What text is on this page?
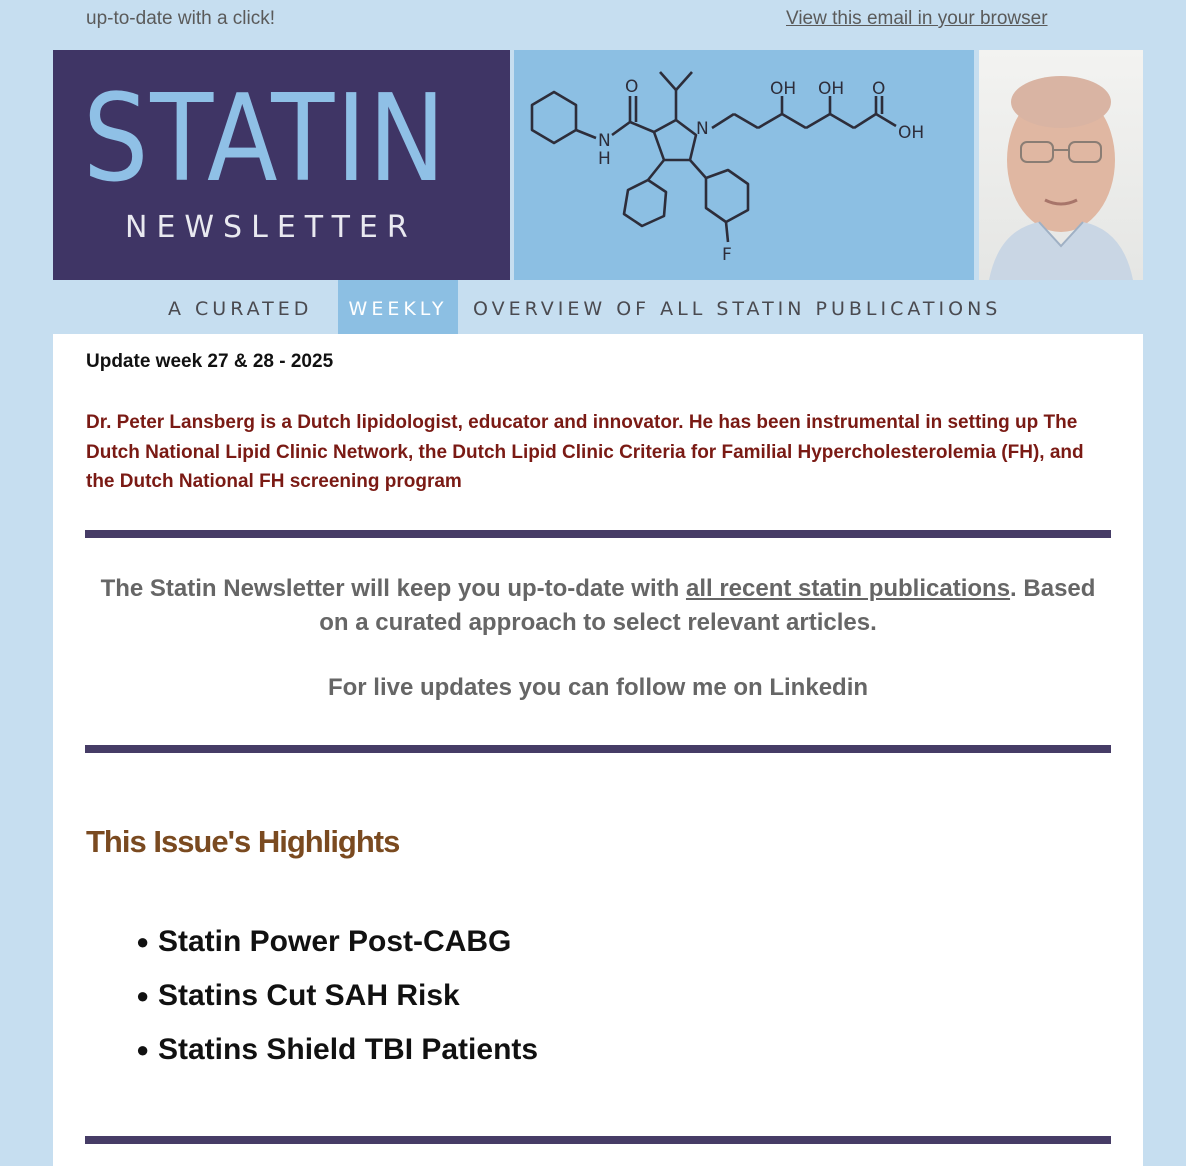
up-to-date with a click!	View this email in your browser
STATIN
NEWSLETTER
N
H
O
N
F
OH OH O
OH
A CURATED	WEEKLY	OVERVIEW OF ALL STATIN PUBLICATIONS
Update week 27 & 28 - 2025
Dr. Peter Lansberg is a Dutch lipidologist, educator and innovator. He has been instrumental in setting up The Dutch National Lipid Clinic Network, the Dutch Lipid Clinic Criteria for Familial Hypercholesterolemia (FH), and the Dutch National FH screening program
The Statin Newsletter will keep you up-to-date with all recent statin publications. Based on a curated approach to select relevant articles.
For live updates you can follow me on Linkedin
This Issue's Highlights
● Statin Power Post-CABG
● Statins Cut SAH Risk
● Statins Shield TBI Patients
